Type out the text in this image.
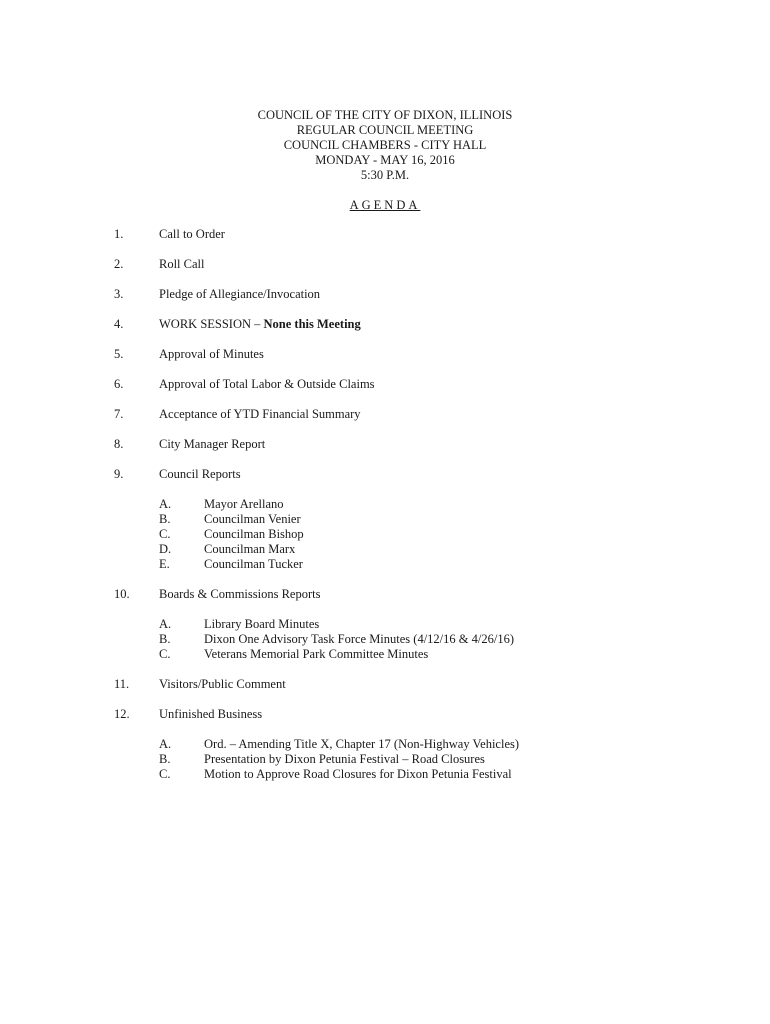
COUNCIL OF THE CITY OF DIXON, ILLINOIS
REGULAR COUNCIL MEETING
COUNCIL CHAMBERS - CITY HALL
MONDAY - MAY 16, 2016
5:30 P.M.
AGENDA
1.	Call to Order
2.	Roll Call
3.	Pledge of Allegiance/Invocation
4.	WORK SESSION – None this Meeting
5.	Approval of Minutes
6.	Approval of Total Labor & Outside Claims
7.	Acceptance of YTD Financial Summary
8.	City Manager Report
9.	Council Reports
A.	Mayor Arellano
B.	Councilman Venier
C.	Councilman Bishop
D.	Councilman Marx
E.	Councilman Tucker
10.	Boards & Commissions Reports
A.	Library Board Minutes
B.	Dixon One Advisory Task Force Minutes (4/12/16 & 4/26/16)
C.	Veterans Memorial Park Committee Minutes
11.	Visitors/Public Comment
12.	Unfinished Business
A.	Ord. – Amending Title X, Chapter 17 (Non-Highway Vehicles)
B.	Presentation by Dixon Petunia Festival – Road Closures
C.	Motion to Approve Road Closures for Dixon Petunia Festival
